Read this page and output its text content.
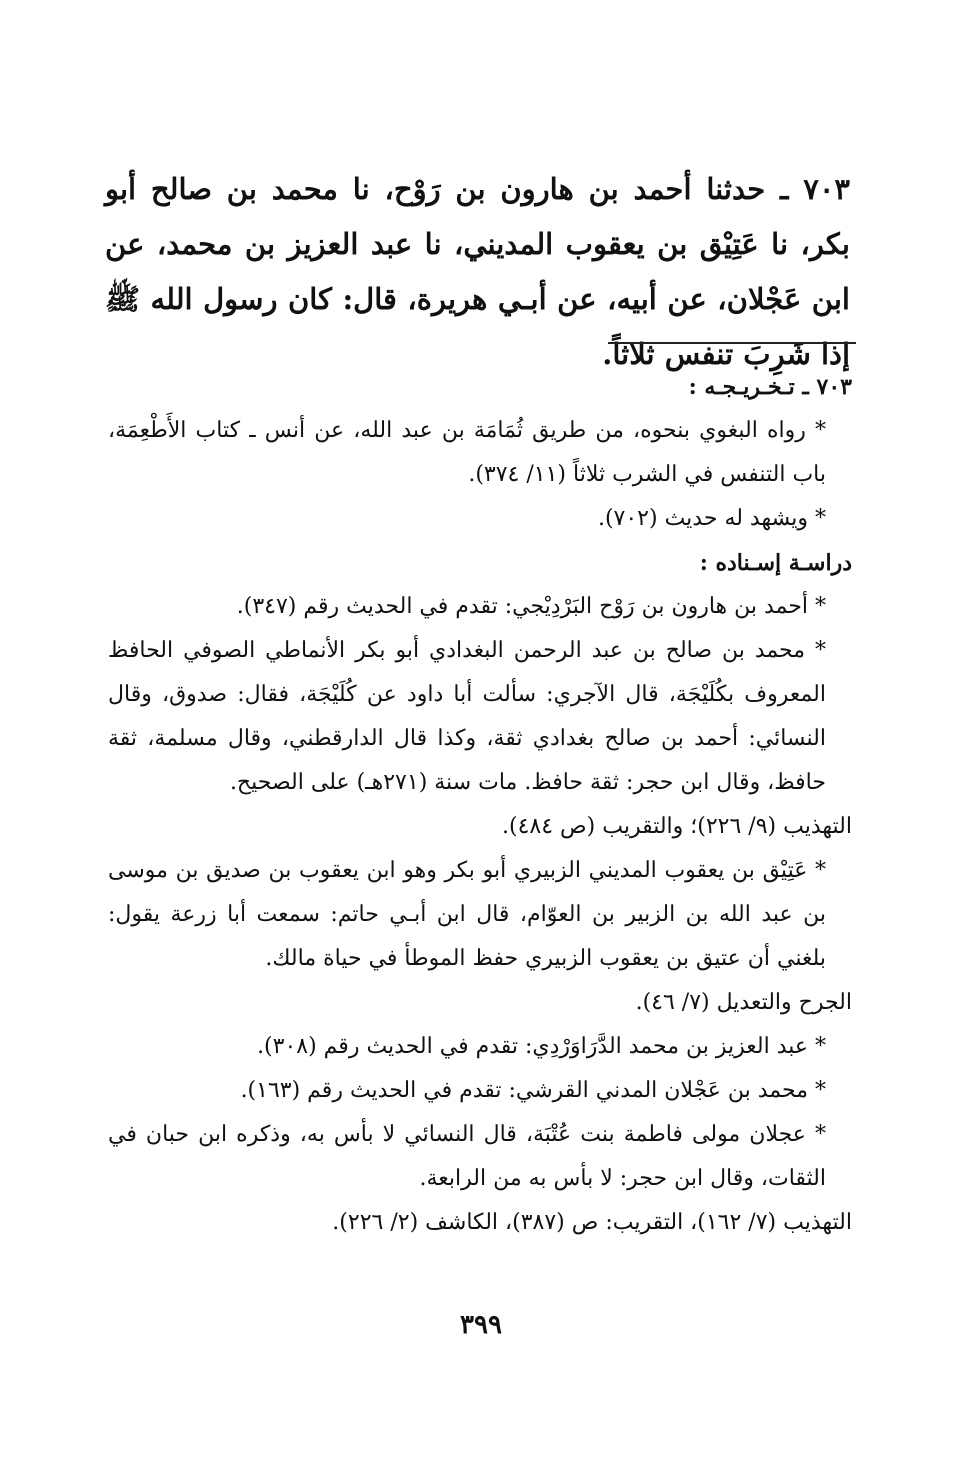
٧٠٣ ـ حدثنا أحمد بن هارون بن رَوْح، نا محمد بن صالح أبو بكر، نا عَتِيْق بن يعقوب المديني، نا عبد العزيز بن محمد، عن ابن عَجْلان، عن أبيه، عن أبـي هريرة، قال: كان رسول الله ﷺ إذا شَرِبَ تنفس ثلاثاً.

٧٠٣ ـ تـخـريـجـه :

* رواه البغوي بنحوه، من طريق ثُمَامَة بن عبد الله، عن أنس ـ كتاب الأَطْعِمَة، باب التنفس في الشرب ثلاثاً (١١/ ٣٧٤).

* ويشهد له حديث (٧٠٢).

دراسـة إسـناده :

* أحمد بن هارون بن رَوْح البَرْدِيْجي: تقدم في الحديث رقم (٣٤٧).

* محمد بن صالح بن عبد الرحمن البغدادي أبو بكر الأنماطي الصوفي الحافظ المعروف بكُلَيْجَة، قال الآجري: سألت أبا داود عن كُلَيْجَة، فقال: صدوق، وقال النسائي: أحمد بن صالح بغدادي ثقة، وكذا قال الدارقطني، وقال مسلمة، ثقة حافظ، وقال ابن حجر: ثقة حافظ. مات سنة (٢٧١هـ) على الصحيح.

التهذيب (٩/ ٢٢٦)؛ والتقريب (ص ٤٨٤).

* عَتِيْق بن يعقوب المديني الزبيري أبو بكر وهو ابن يعقوب بن صديق بن موسى بن عبد الله بن الزبير بن العوّام، قال ابن أبـي حاتم: سمعت أبا زرعة يقول: بلغني أن عتيق بن يعقوب الزبيري حفظ الموطأ في حياة مالك.

الجرح والتعديل (٧/ ٤٦).

* عبد العزيز بن محمد الدَّرَاوَرْدِي: تقدم في الحديث رقم (٣٠٨).

* محمد بن عَجْلان المدني القرشي: تقدم في الحديث رقم (١٦٣).

* عجلان مولى فاطمة بنت عُتْبَة، قال النسائي لا بأس به، وذكره ابن حبان في الثقات، وقال ابن حجر: لا بأس به من الرابعة.

التهذيب (٧/ ١٦٢)، التقريب: ص (٣٨٧)، الكاشف (٢/ ٢٢٦).

٣٩٩
